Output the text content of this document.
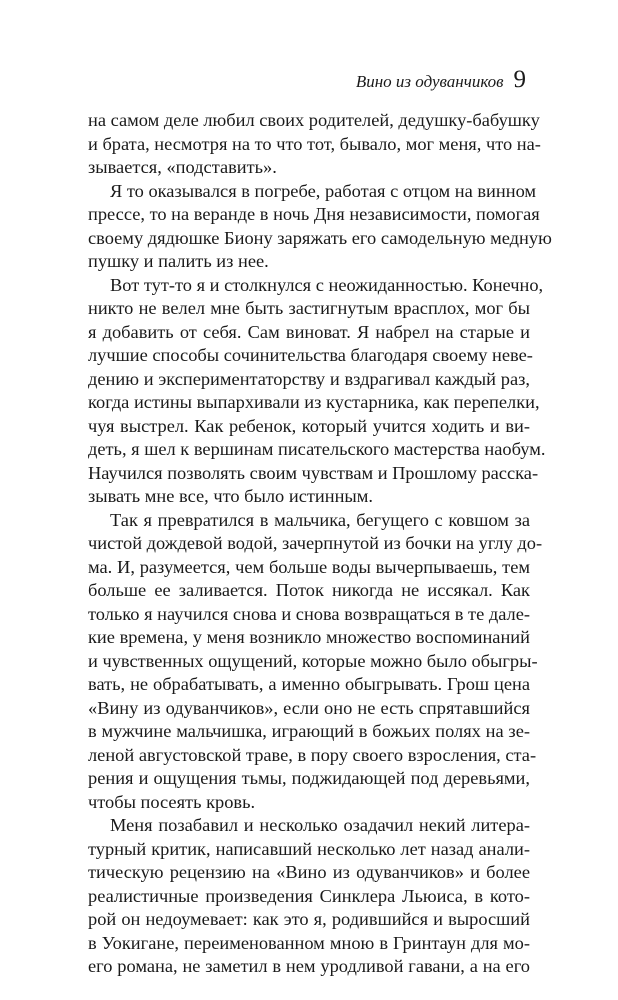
Вино из одуванчиков 9
на самом деле любил своих родителей, дедушку-бабушку
и брата, несмотря на то что тот, бывало, мог меня, что на-
зывается, «подставить».
Я то оказывался в погребе, работая с отцом на винном
прессе, то на веранде в ночь Дня независимости, помогая
своему дядюшке Биону заряжать его самодельную медную
пушку и палить из нее.
Вот тут-то я и столкнулся с неожиданностью. Конечно,
никто не велел мне быть застигнутым врасплох, мог бы
я добавить от себя. Сам виноват. Я набрел на старые и
лучшие способы сочинительства благодаря своему неве-
дению и экспериментаторству и вздрагивал каждый раз,
когда истины выпархивали из кустарника, как перепелки,
чуя выстрел. Как ребенок, который учится ходить и ви-
деть, я шел к вершинам писательского мастерства наобум.
Научился позволять своим чувствам и Прошлому расска-
зывать мне все, что было истинным.
Так я превратился в мальчика, бегущего с ковшом за
чистой дождевой водой, зачерпнутой из бочки на углу до-
ма. И, разумеется, чем больше воды вычерпываешь, тем
больше ее заливается. Поток никогда не иссякал. Как
только я научился снова и снова возвращаться в те дале-
кие времена, у меня возникло множество воспоминаний
и чувственных ощущений, которые можно было обыгры-
вать, не обрабатывать, а именно обыгрывать. Грош цена
«Вину из одуванчиков», если оно не есть спрятавшийся
в мужчине мальчишка, играющий в божьих полях на зе-
леной августовской траве, в пору своего взросления, ста-
рения и ощущения тьмы, поджидающей под деревьями,
чтобы посеять кровь.
Меня позабавил и несколько озадачил некий литера-
турный критик, написавший несколько лет назад анали-
тическую рецензию на «Вино из одуванчиков» и более
реалистичные произведения Синклера Льюиса, в кото-
рой он недоумевает: как это я, родившийся и выросший
в Уокигане, переименованном мною в Гринтаун для мо-
его романа, не заметил в нем уродливой гавани, а на его
